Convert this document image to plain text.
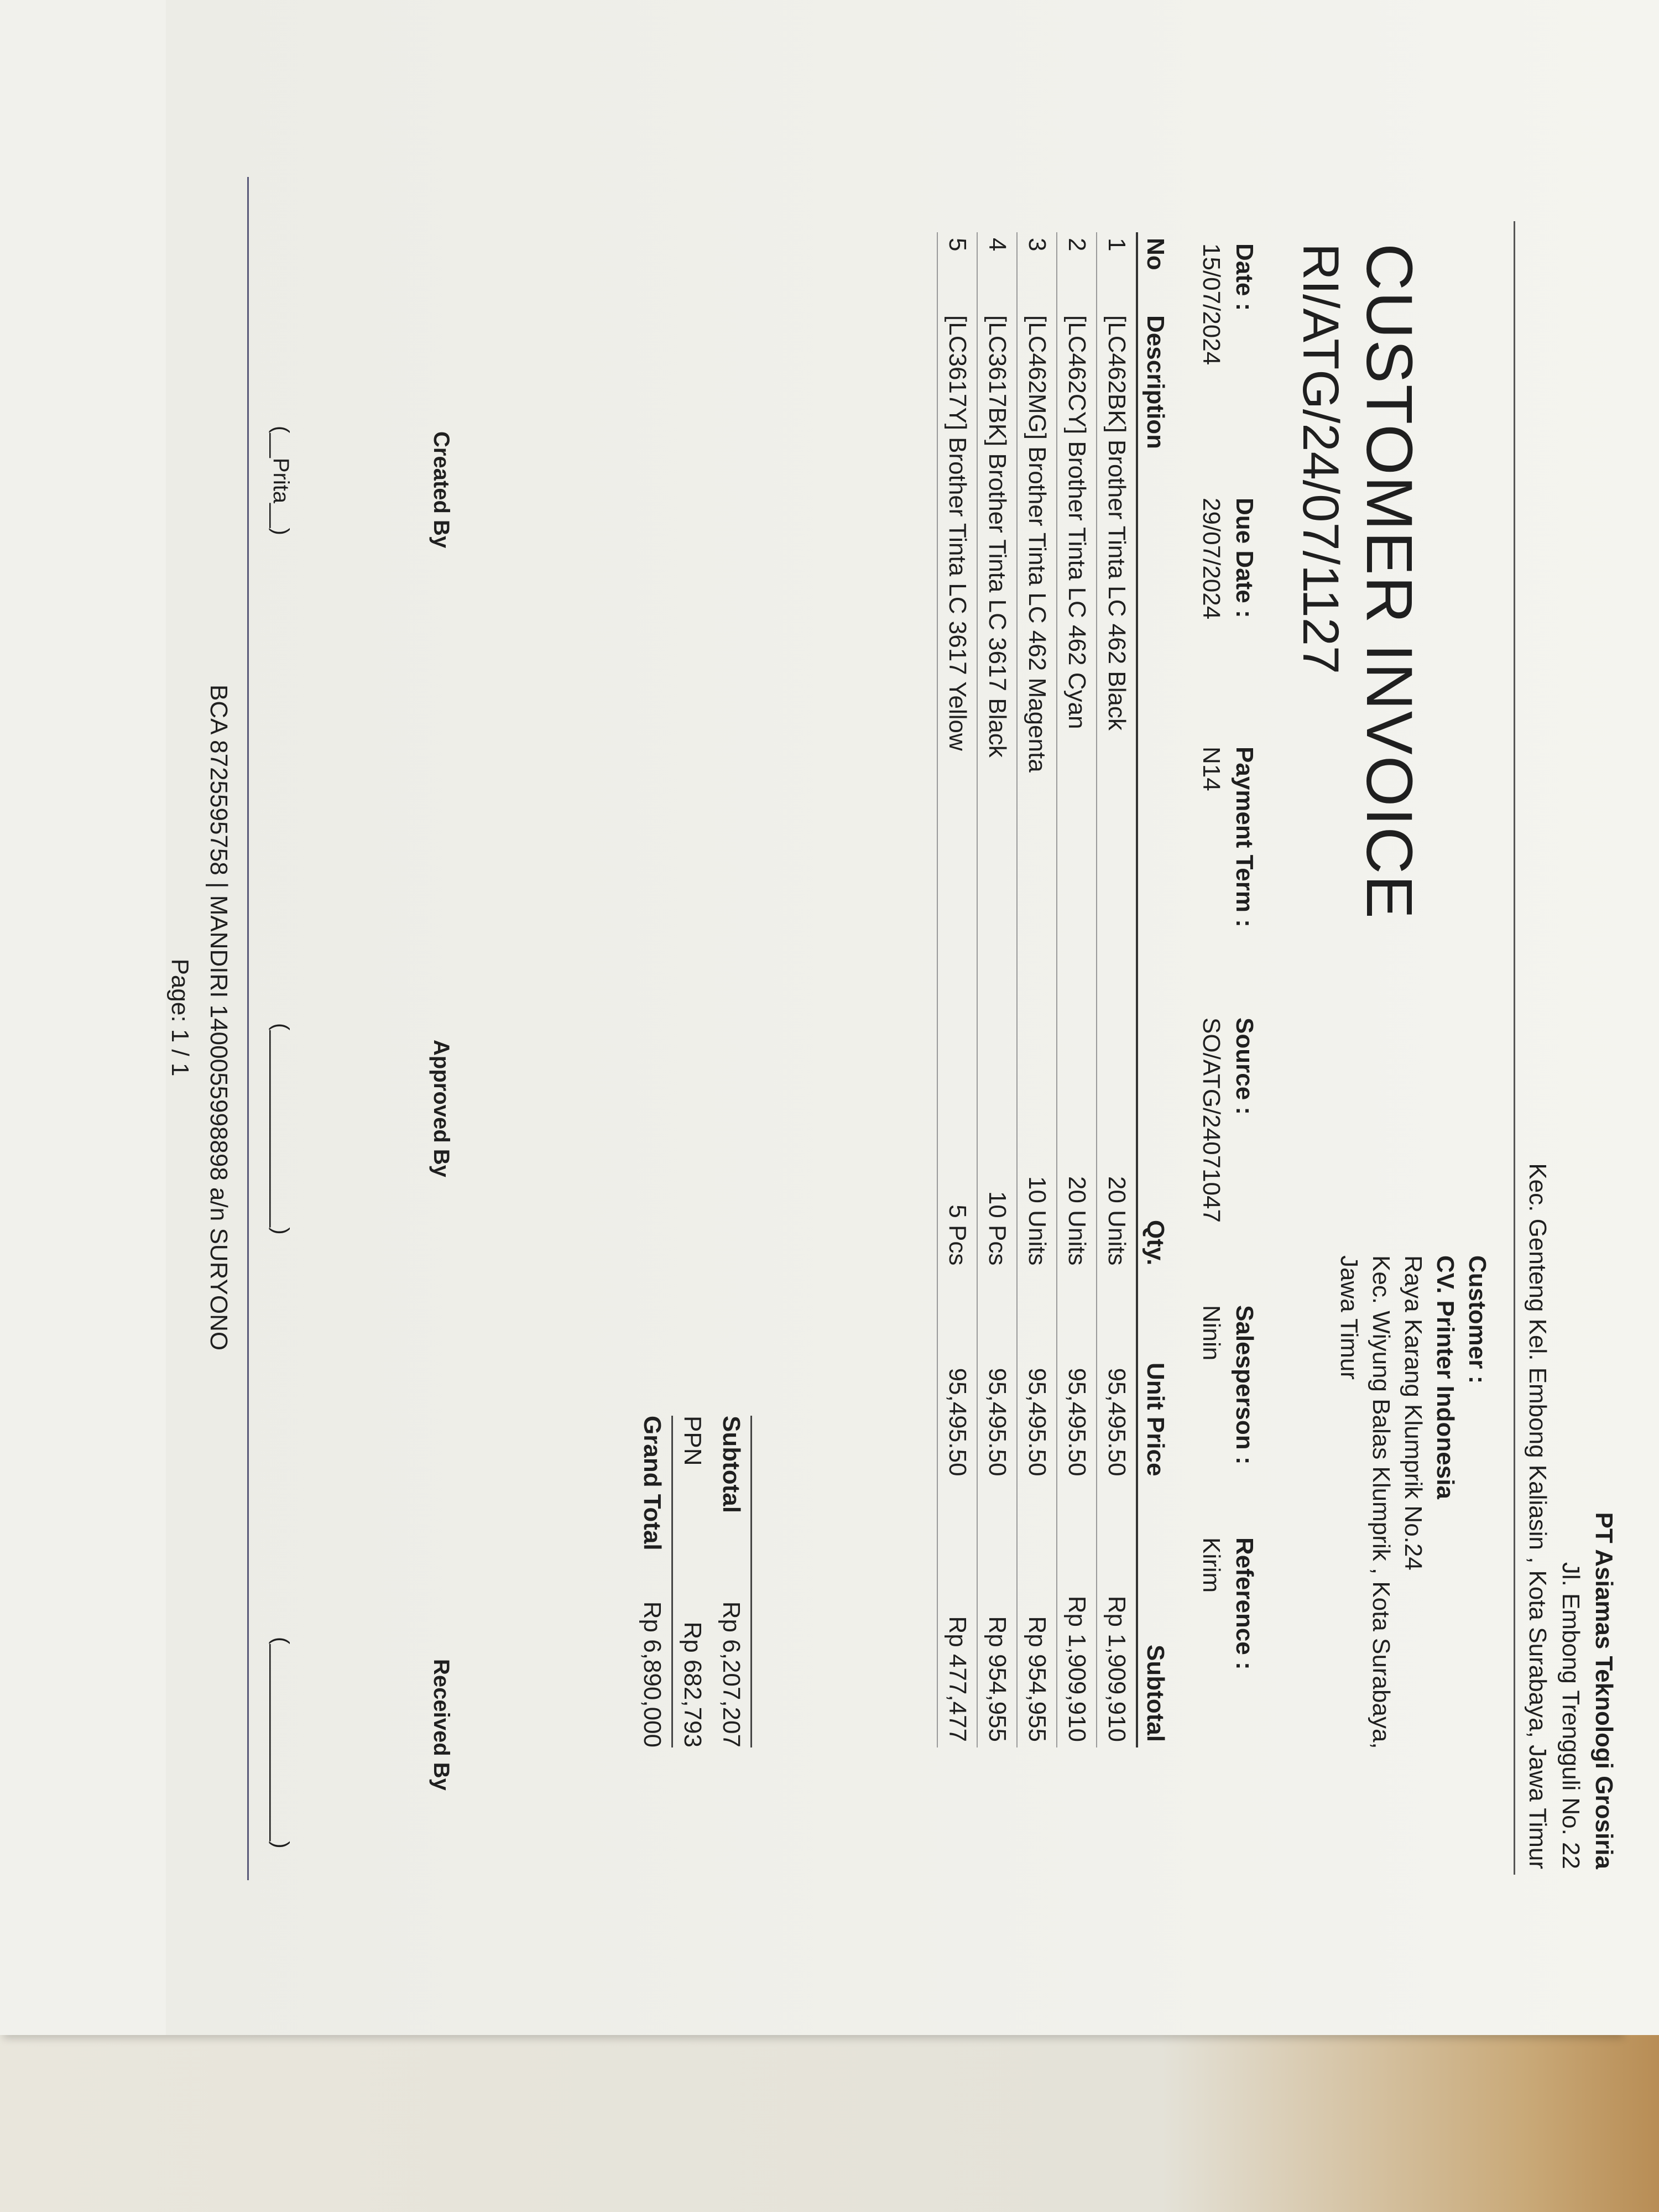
PT Asiamas Teknologi Grosiria
Jl. Embong Trengguli No. 22
Kec. Genteng Kel. Embong Kaliasin , Kota Surabaya, Jawa Timur
CUSTOMER INVOICE
RI/ATG/24/07/1127
Customer :
CV. Printer Indonesia
Raya Karang Klumprik No.24
Kec. Wiyung Balas Klumprik , Kota Surabaya,
Jawa Timur
Date :
15/07/2024
Due Date :
29/07/2024
Payment Term :
N14
Source :
SO/ATG/24071047
Salesperson :
Ninin
Reference :
Kirim
No	Description	Qty.	Unit Price	Subtotal
1	[LC462BK] Brother Tinta LC 462 Black	20 Units	95,495.50	Rp 1,909,910
2	[LC462CY] Brother Tinta LC 462 Cyan	20 Units	95,495.50	Rp 1,909,910
3	[LC462MG] Brother Tinta LC 462 Magenta	10 Units	95,495.50	Rp 954,955
4	[LC3617BK] Brother Tinta LC 3617 Black	10 Pcs	95,495.50	Rp 954,955
5	[LC3617Y] Brother Tinta LC 3617 Yellow	5 Pcs	95,495.50	Rp 477,477
Subtotal
Rp 6,207,207
PPN
Rp 682,793
Grand Total
Rp 6,890,000
Created By
Approved By
Received By
(__Prita__)
(________________)
(________________)
BCA 8725595758 | MANDIRI 1400055998898 a/n SURYONO
Page: 1 / 1
